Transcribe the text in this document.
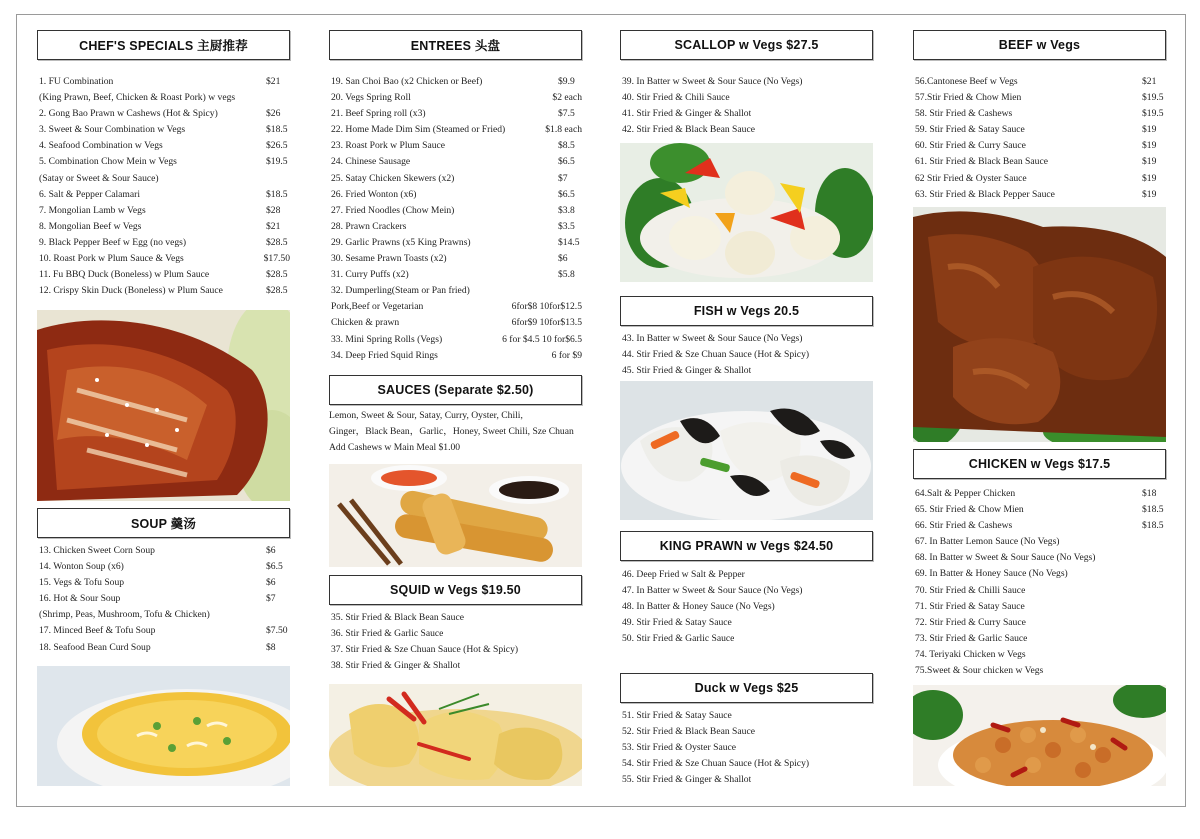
CHEF'S SPECIALS 主厨推荐
1. FU Combination	$21
(King Prawn, Beef, Chicken & Roast Pork) w vegs
2. Gong Bao Prawn w Cashews (Hot & Spicy)	$26
3. Sweet & Sour Combination w Vegs	$18.5
4. Seafood Combination w Vegs	$26.5
5. Combination Chow Mein w Vegs	$19.5
(Satay or Sweet & Sour Sauce)
6. Salt & Pepper Calamari	$18.5
7. Mongolian Lamb w Vegs	$28
8. Mongolian Beef w Vegs	$21
9. Black Pepper Beef w Egg (no vegs)	$28.5
10. Roast Pork w Plum Sauce & Vegs	$17.50
11. Fu BBQ Duck (Boneless) w Plum Sauce	$28.5
12. Crispy Skin Duck (Boneless) w Plum Sauce	$28.5
SOUP 羹汤
13. Chicken Sweet Corn Soup	$6
14. Wonton Soup (x6)	$6.5
15. Vegs & Tofu Soup	$6
16. Hot & Sour Soup	$7
(Shrimp, Peas, Mushroom, Tofu & Chicken)
17. Minced Beef & Tofu Soup	$7.50
18. Seafood Bean Curd Soup	$8
ENTREES 头盘
19. San Choi Bao (x2 Chicken or Beef)	$9.9
20. Vegs Spring Roll	$2 each
21. Beef Spring roll (x3)	$7.5
22. Home Made Dim Sim (Steamed or Fried)	$1.8 each
23. Roast Pork w Plum Sauce	$8.5
24. Chinese Sausage	$6.5
25. Satay Chicken Skewers (x2)	$7
26. Fried Wonton (x6)	$6.5
27. Fried Noodles (Chow Mein)	$3.8
28. Prawn Crackers	$3.5
29. Garlic Prawns (x5 King Prawns)	$14.5
30. Sesame Prawn Toasts (x2)	$6
31. Curry Puffs (x2)	$5.8
32. Dumperling(Steam or Pan fried)
Pork,Beef or Vegetarian	6for$8 10for$12.5
Chicken & prawn	6for$9 10for$13.5
33. Mini Spring Rolls (Vegs)	6 for $4.5 10 for$6.5
34. Deep Fried Squid Rings	6 for $9
SAUCES (Separate $2.50)
Lemon, Sweet & Sour, Satay, Curry, Oyster, Chili,
Ginger，Black Bean，Garlic，Honey, Sweet Chili, Sze Chuan
Add Cashews w Main Meal $1.00
SQUID w Vegs $19.50
35. Stir Fried & Black Bean Sauce
36. Stir Fried & Garlic Sauce
37. Stir Fried & Sze Chuan Sauce (Hot & Spicy)
38. Stir Fried & Ginger & Shallot
SCALLOP w Vegs $27.5
39. In Batter w Sweet & Sour Sauce (No Vegs)
40. Stir Fried & Chili Sauce
41. Stir Fried & Ginger & Shallot
42. Stir Fried & Black Bean Sauce
FISH w Vegs 20.5
43. In Batter w Sweet & Sour Sauce (No Vegs)
44. Stir Fried & Sze Chuan Sauce (Hot & Spicy)
45. Stir Fried & Ginger & Shallot
KING PRAWN w Vegs $24.50
46. Deep Fried w Salt & Pepper
47. In Batter w Sweet & Sour Sauce (No Vegs)
48. In Batter & Honey Sauce (No Vegs)
49. Stir Fried & Satay Sauce
50. Stir Fried & Garlic Sauce
Duck w Vegs $25
51. Stir Fried & Satay Sauce
52. Stir Fried & Black Bean Sauce
53. Stir Fried & Oyster Sauce
54. Stir Fried & Sze Chuan Sauce (Hot & Spicy)
55. Stir Fried & Ginger & Shallot
BEEF w Vegs
56.Cantonese Beef w Vegs	$21
57.Stir Fried & Chow Mien	$19.5
58. Stir Fried & Cashews	$19.5
59. Stir Fried & Satay Sauce	$19
60. Stir Fried & Curry Sauce	$19
61. Stir Fried & Black Bean Sauce	$19
62 Stir Fried & Oyster Sauce	$19
63. Stir Fried & Black Pepper Sauce	$19
CHICKEN w Vegs $17.5
64.Salt & Pepper Chicken	$18
65. Stir Fried & Chow Mien	$18.5
66. Stir Fried & Cashews	$18.5
67. In Batter Lemon Sauce (No Vegs)
68. In Batter w Sweet & Sour Sauce (No Vegs)
69. In Batter & Honey Sauce (No Vegs)
70. Stir Fried & Chilli Sauce
71. Stir Fried & Satay Sauce
72. Stir Fried & Curry Sauce
73. Stir Fried & Garlic Sauce
74. Teriyaki Chicken w Vegs
75.Sweet & Sour chicken w Vegs
